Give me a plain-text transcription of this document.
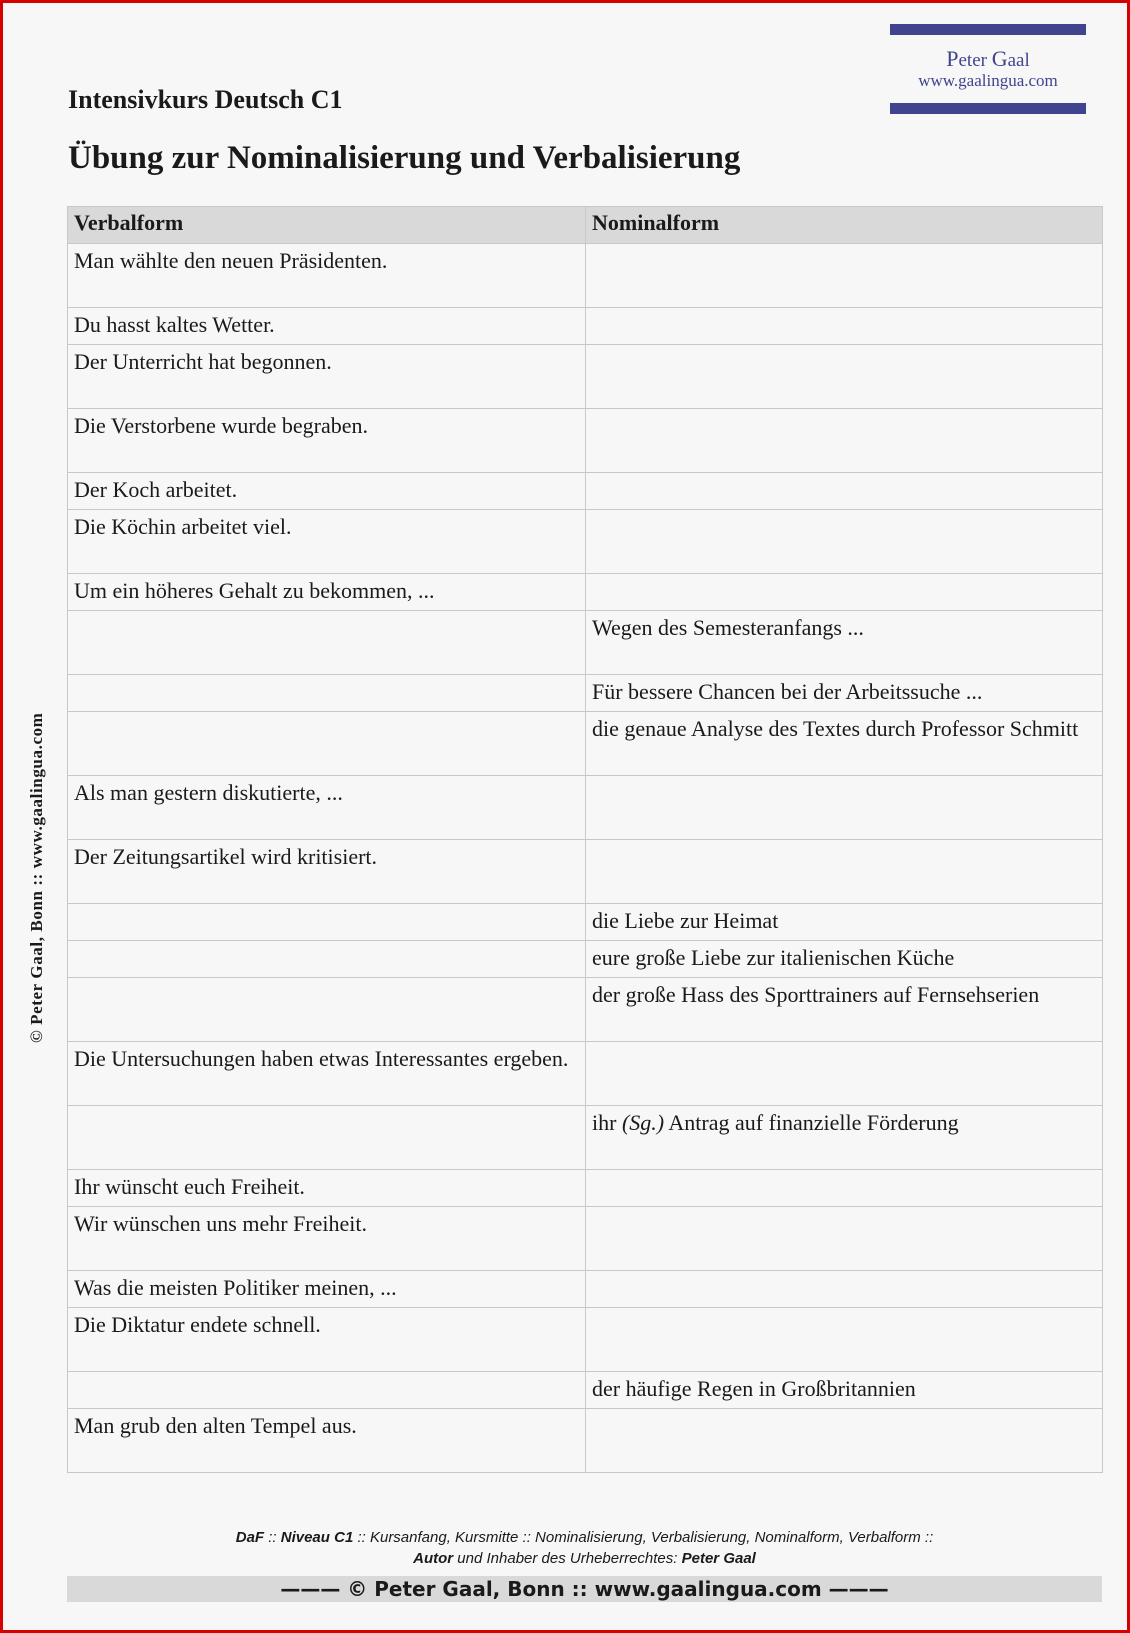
Peter Gaal
www.gaalingua.com
Intensivkurs Deutsch C1
Übung zur Nominalisierung und Verbalisierung
© Peter Gaal, Bonn :: www.gaalingua.com
Verbalform	Nominalform
Man wählte den neuen Präsidenten.	
Du hasst kaltes Wetter.	
Der Unterricht hat begonnen.	
Die Verstorbene wurde begraben.	
Der Koch arbeitet.	
Die Köchin arbeitet viel.	
Um ein höheres Gehalt zu bekommen, ...	
	Wegen des Semesteranfangs ...
	Für bessere Chancen bei der Arbeitssuche ...
	die genaue Analyse des Textes durch Professor Schmitt
Als man gestern diskutierte, ...	
Der Zeitungsartikel wird kritisiert.	
	die Liebe zur Heimat
	eure große Liebe zur italienischen Küche
	der große Hass des Sporttrainers auf Fernsehserien
Die Untersuchungen haben etwas Interessantes ergeben.	
	ihr (Sg.) Antrag auf finanzielle Förderung
Ihr wünscht euch Freiheit.	
Wir wünschen uns mehr Freiheit.	
Was die meisten Politiker meinen, ...	
Die Diktatur endete schnell.	
	der häufige Regen in Großbritannien
Man grub den alten Tempel aus.	
DaF :: Niveau C1 :: Kursanfang, Kursmitte :: Nominalisierung, Verbalisierung, Nominalform, Verbalform ::
Autor und Inhaber des Urheberrechtes: Peter Gaal
——— © Peter Gaal, Bonn :: www.gaalingua.com ———
